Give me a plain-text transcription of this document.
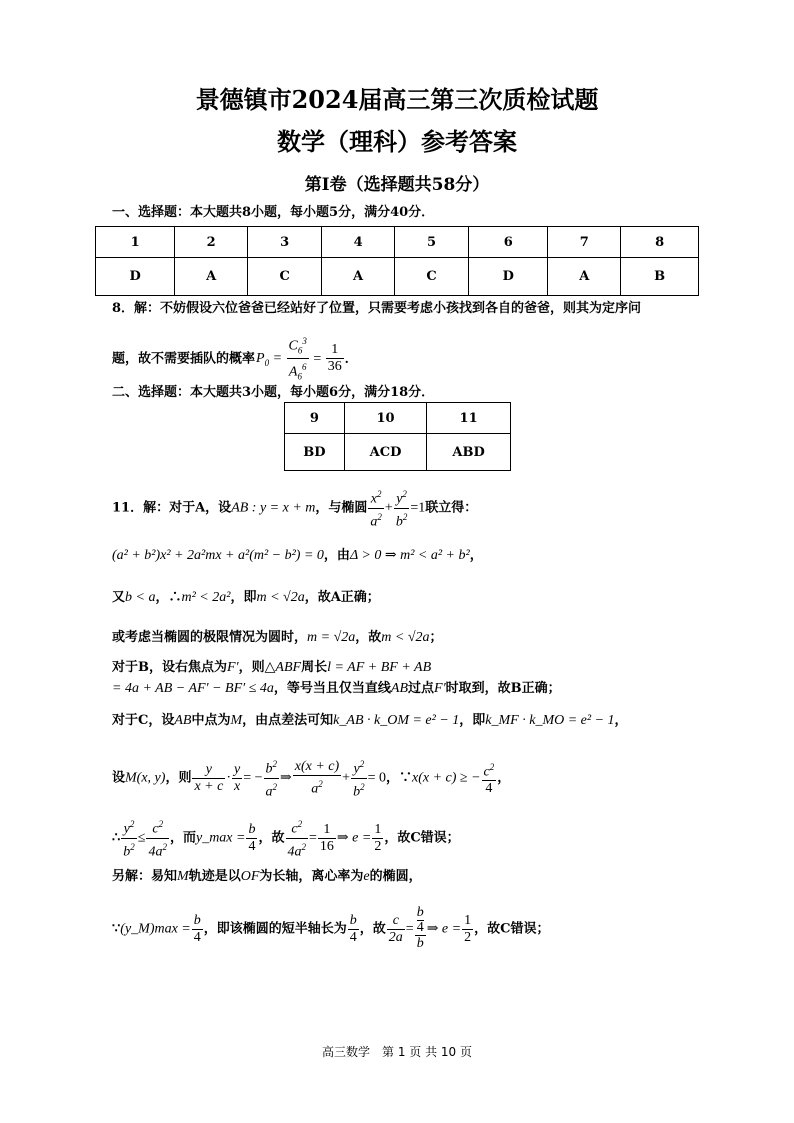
景德镇市2024届高三第三次质检试题
数学（理科）参考答案
第Ⅰ卷（选择题共58分）
一、选择题：本大题共8小题，每小题5分，满分40分．
1	2	3	4	5	6	7	8
D	A	C	A	C	D	A	B
8．解：不妨假设六位爸爸已经站好了位置，只需要考虑小孩找到各自的爸爸，则其为定序问
题，故不需要插队的概率$P_0 = \frac{C_6^3}{A_6^6} = \frac{1}{36}$ ．
二、选择题：本大题共3小题，每小题6分，满分18分．
9	10	11
BD	ACD	ABD
11．解：对于A，设AB : y = x + m，与椭圆 $\frac{x^2}{a^2} + \frac{y^2}{b^2} =1$联立得：
(a² + b²)x² + 2a²mx + a²(m² − b²) = 0，由Δ > 0 ⇒ m² < a² + b²，
又b < a，∴m² < 2a²，即m < √2a，故A正确；
或考虑当椭圆的极限情况为圆时，m = √2a，故m < √2a；
对于B，设右焦点为F′，则△ABF周长l = AF + BF + AB
= 4a + AB − AF′ − BF′ ≤ 4a，等号当且仅当直线AB过点F′时取到，故B正确；
对于C，设AB中点为M，由点差法可知k_AB · k_OM = e² − 1，即k_MF · k_MO = e² − 1，
设M(x, y)，则 $\frac{y}{x + c} \cdot \frac{y}{x}$ = − $\frac{b^2}{a^2}$ ⇒ $\frac{x(x + c)}{a^2} + \frac{y^2}{b^2} = 0$，∵x(x + c) ≥ − $\frac{c^2}{4}$ ，
∴ $\frac{y^2}{b^2} \le \frac{c^2}{4a^2}$ ，而y_max = $\frac{b}{4}$ ，故 $\frac{c^2}{4a^2} = \frac{1}{16}$ ⇒ $e = \frac{1}{2}$ ，故C错误；
另解：易知M轨迹是以OF为长轴，离心率为e的椭圆，
∵(y_M)max = $\frac{b}{4}$ ，即该椭圆的短半轴长为 $\frac{b}{4}$ ，故 $\frac{c}{2a} = b$
4
b ⇒ $e = \frac{1}{2}$ ，故C错误；
高三数学　第 1 页 共 10 页
